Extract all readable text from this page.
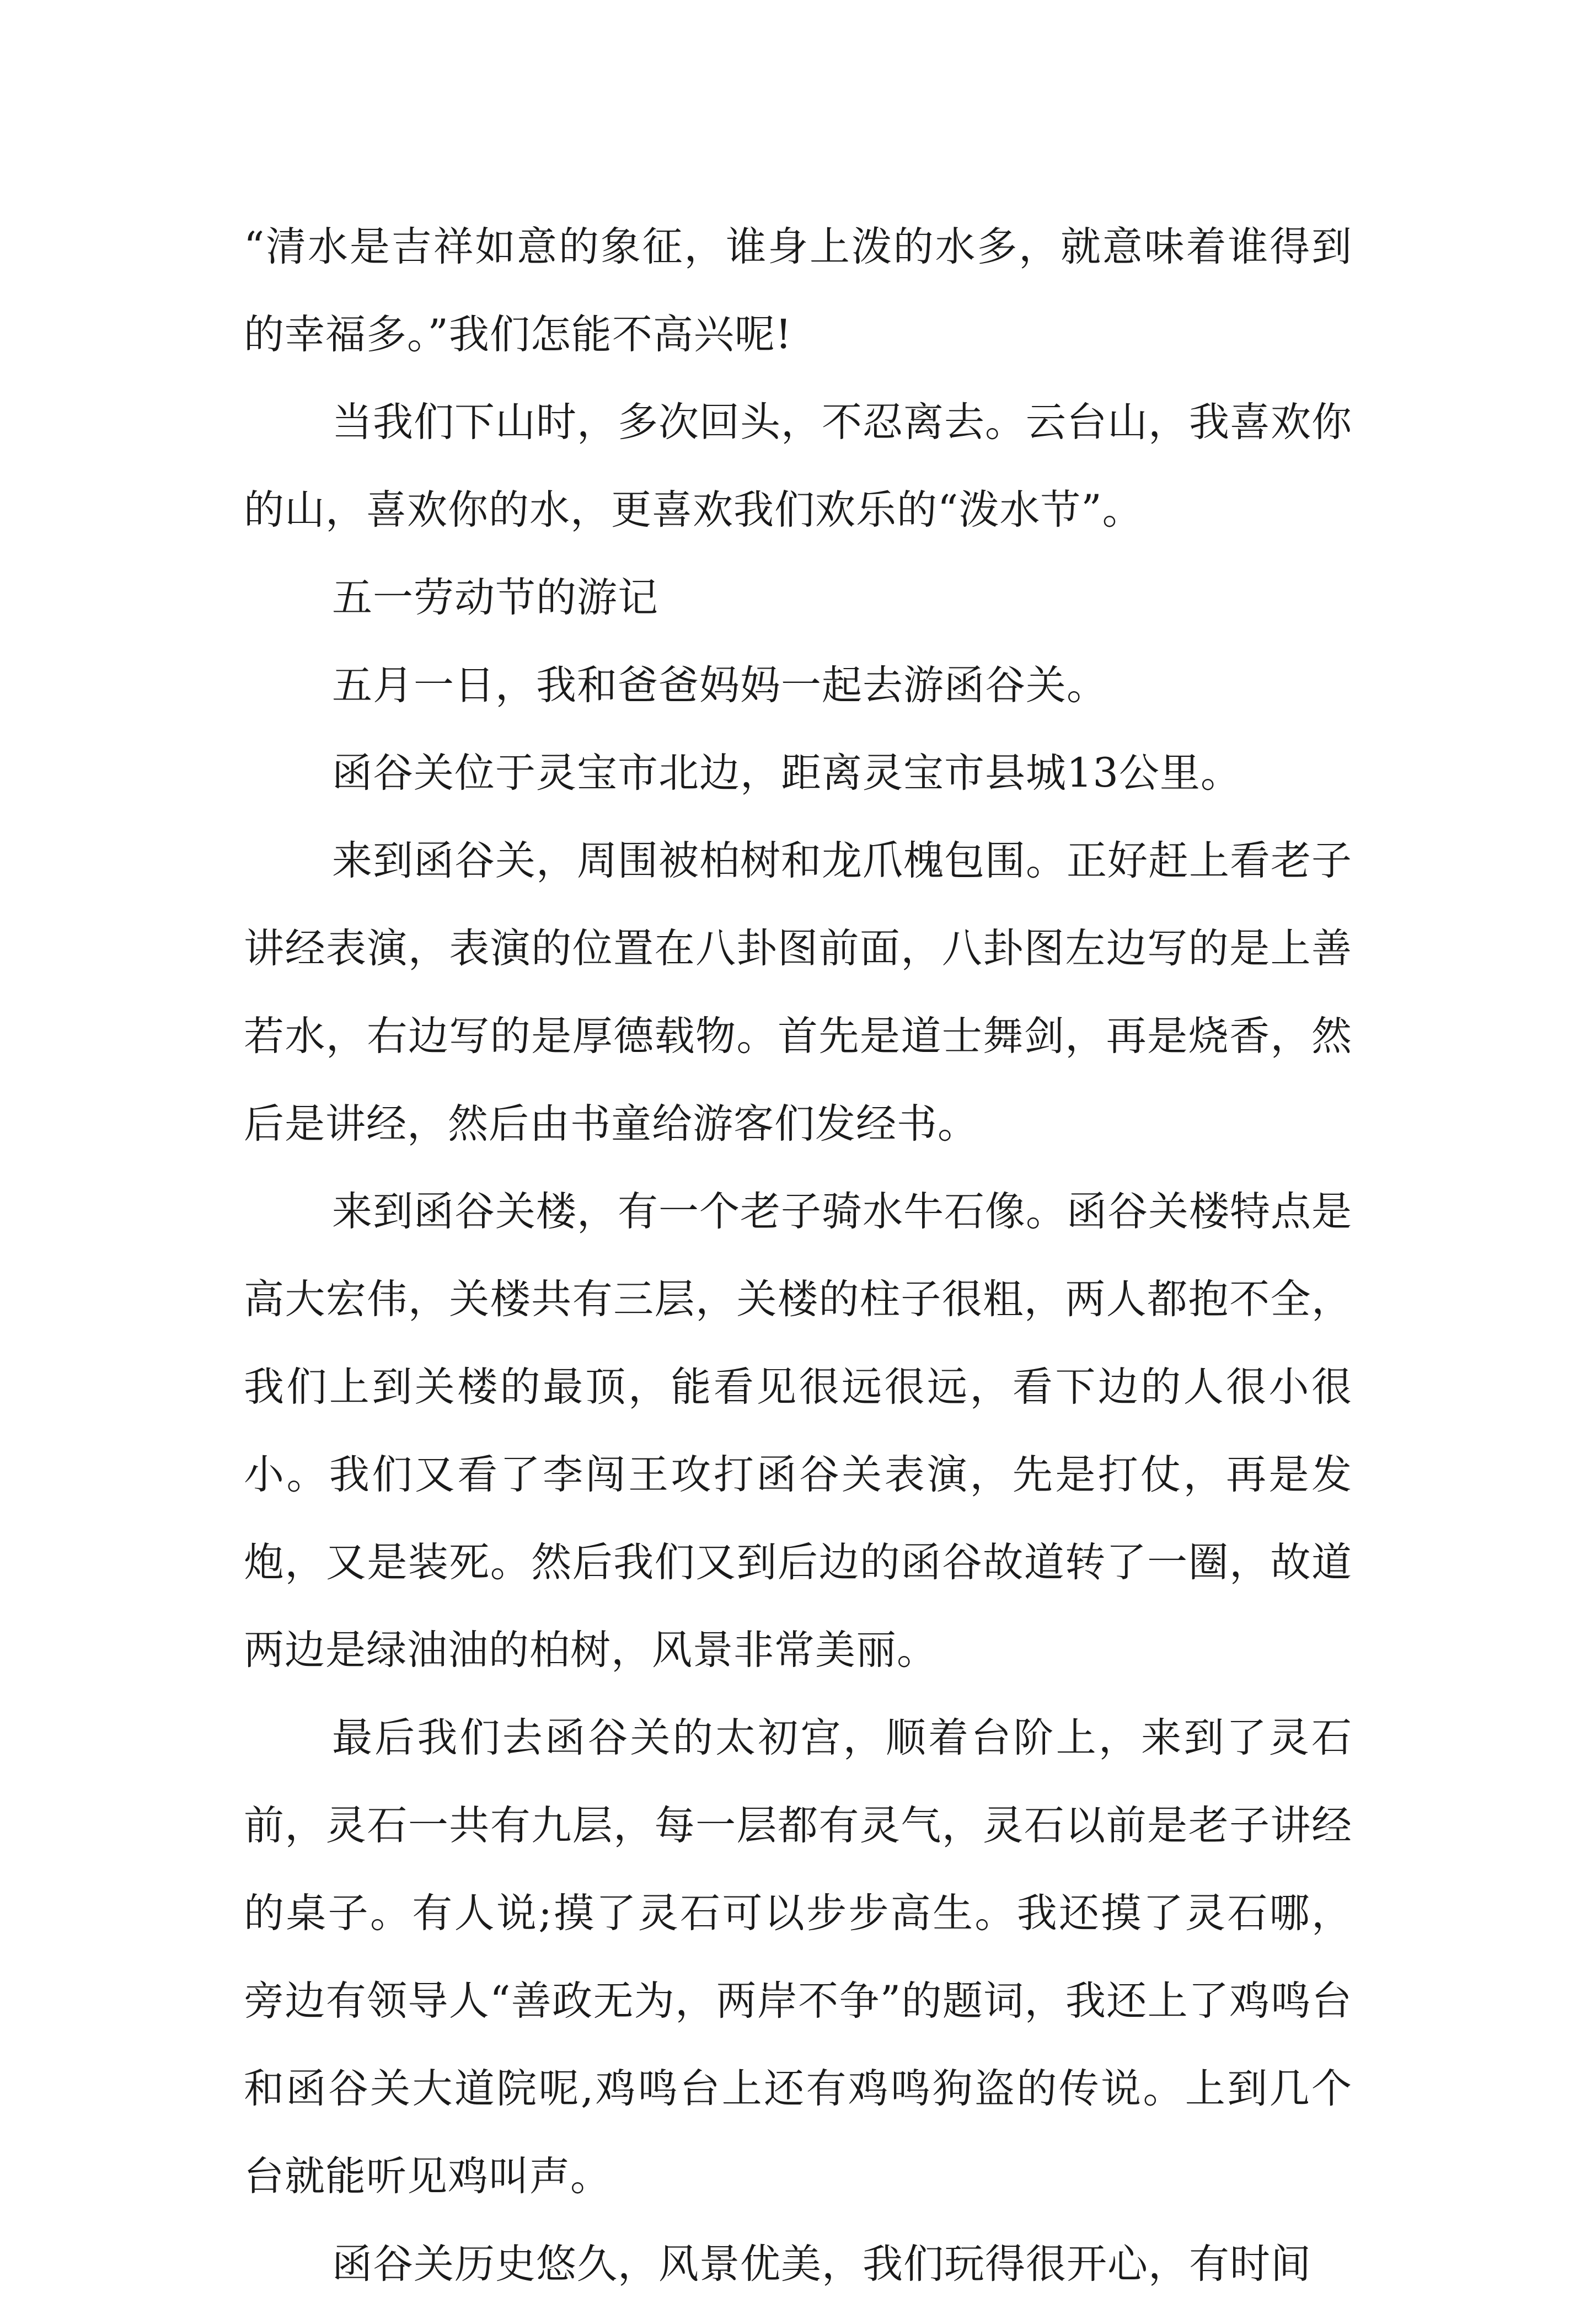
“清水是吉祥如意的象征，谁身上泼的水多，就意味着谁得到的幸福多。”我们怎能不高兴呢!

当我们下山时，多次回头，不忍离去。云台山，我喜欢你的山，喜欢你的水，更喜欢我们欢乐的“泼水节”。

五一劳动节的游记

五月一日，我和爸爸妈妈一起去游函谷关。

函谷关位于灵宝市北边，距离灵宝市县城13公里。

来到函谷关，周围被柏树和龙爪槐包围。正好赶上看老子讲经表演，表演的位置在八卦图前面，八卦图左边写的是上善若水，右边写的是厚德载物。首先是道士舞剑，再是烧香，然后是讲经，然后由书童给游客们发经书。

来到函谷关楼，有一个老子骑水牛石像。函谷关楼特点是高大宏伟，关楼共有三层，关楼的柱子很粗，两人都抱不全，我们上到关楼的最顶，能看见很远很远，看下边的人很小很小。我们又看了李闯王攻打函谷关表演，先是打仗，再是发炮，又是装死。然后我们又到后边的函谷故道转了一圈，故道两边是绿油油的柏树，风景非常美丽。

最后我们去函谷关的太初宫，顺着台阶上，来到了灵石前，灵石一共有九层，每一层都有灵气，灵石以前是老子讲经的桌子。有人说;摸了灵石可以步步高生。我还摸了灵石哪，旁边有领导人“善政无为，两岸不争”的题词，我还上了鸡鸣台和函谷关大道院呢,鸡鸣台上还有鸡鸣狗盗的传说。上到几个台就能听见鸡叫声。

函谷关历史悠久，风景优美，我们玩得很开心，有时间
